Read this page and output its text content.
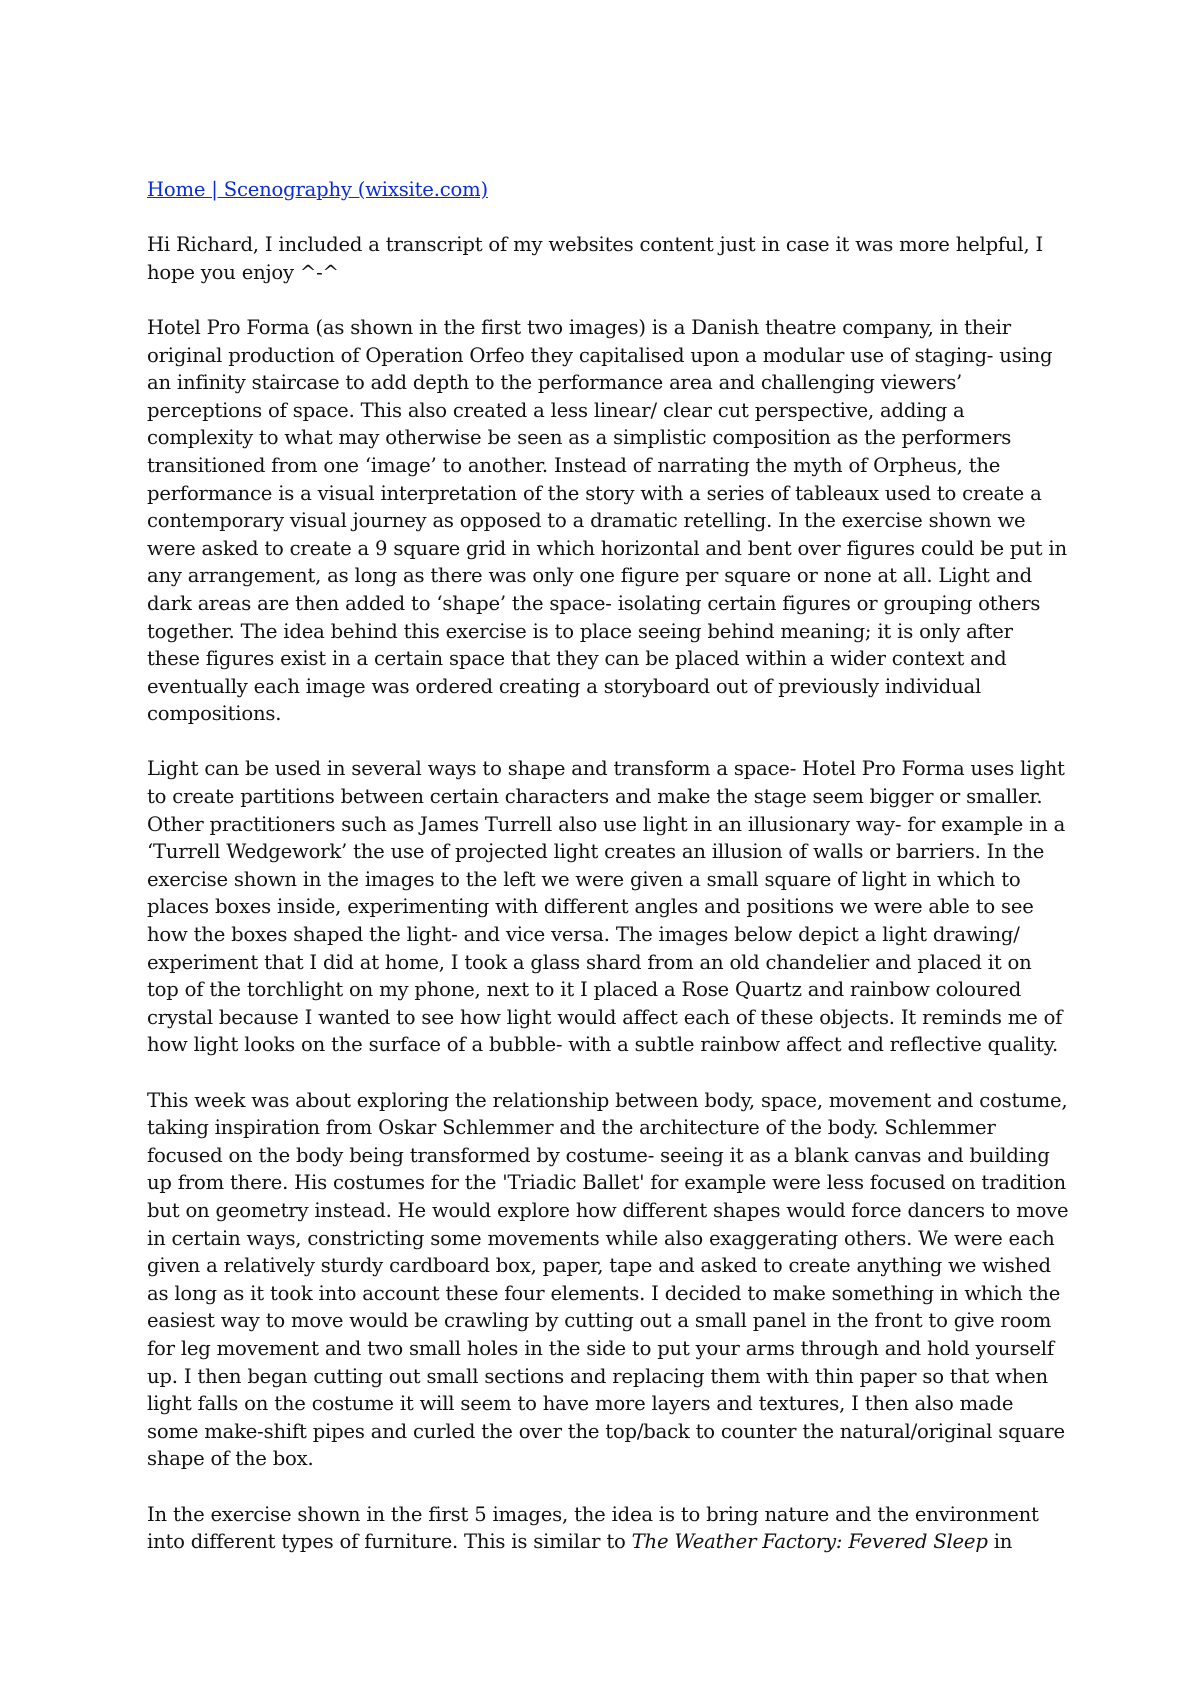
Home | Scenography (wixsite.com)

Hi Richard, I included a transcript of my websites content just in case it was more helpful, I hope you enjoy ^-^

Hotel Pro Forma (as shown in the first two images) is a Danish theatre company, in their original production of Operation Orfeo they capitalised upon a modular use of staging- using an infinity staircase to add depth to the performance area and challenging viewers’ perceptions of space. This also created a less linear/ clear cut perspective, adding a complexity to what may otherwise be seen as a simplistic composition as the performers transitioned from one ‘image’ to another. Instead of narrating the myth of Orpheus, the performance is a visual interpretation of the story with a series of tableaux used to create a contemporary visual journey as opposed to a dramatic retelling. In the exercise shown we were asked to create a 9 square grid in which horizontal and bent over figures could be put in any arrangement, as long as there was only one figure per square or none at all. Light and dark areas are then added to ‘shape’ the space- isolating certain figures or grouping others together. The idea behind this exercise is to place seeing behind meaning; it is only after these figures exist in a certain space that they can be placed within a wider context and eventually each image was ordered creating a storyboard out of previously individual compositions.

Light can be used in several ways to shape and transform a space- Hotel Pro Forma uses light to create partitions between certain characters and make the stage seem bigger or smaller. Other practitioners such as James Turrell also use light in an illusionary way- for example in a ‘Turrell Wedgework’ the use of projected light creates an illusion of walls or barriers. In the exercise shown in the images to the left we were given a small square of light in which to places boxes inside, experimenting with different angles and positions we were able to see how the boxes shaped the light- and vice versa. The images below depict a light drawing/ experiment that I did at home, I took a glass shard from an old chandelier and placed it on top of the torchlight on my phone, next to it I placed a Rose Quartz and rainbow coloured crystal because I wanted to see how light would affect each of these objects. It reminds me of how light looks on the surface of a bubble- with a subtle rainbow affect and reflective quality.

This week was about exploring the relationship between body, space, movement and costume, taking inspiration from Oskar Schlemmer and the architecture of the body. Schlemmer focused on the body being transformed by costume- seeing it as a blank canvas and building up from there. His costumes for the 'Triadic Ballet' for example were less focused on tradition but on geometry instead. He would explore how different shapes would force dancers to move in certain ways, constricting some movements while also exaggerating others. We were each given a relatively sturdy cardboard box, paper, tape and asked to create anything we wished as long as it took into account these four elements. I decided to make something in which the easiest way to move would be crawling by cutting out a small panel in the front to give room for leg movement and two small holes in the side to put your arms through and hold yourself up. I then began cutting out small sections and replacing them with thin paper so that when light falls on the costume it will seem to have more layers and textures, I then also made some make-shift pipes and curled the over the top/back to counter the natural/original square shape of the box.

In the exercise shown in the first 5 images, the idea is to bring nature and the environment into different types of furniture. This is similar to The Weather Factory: Fevered Sleep in
